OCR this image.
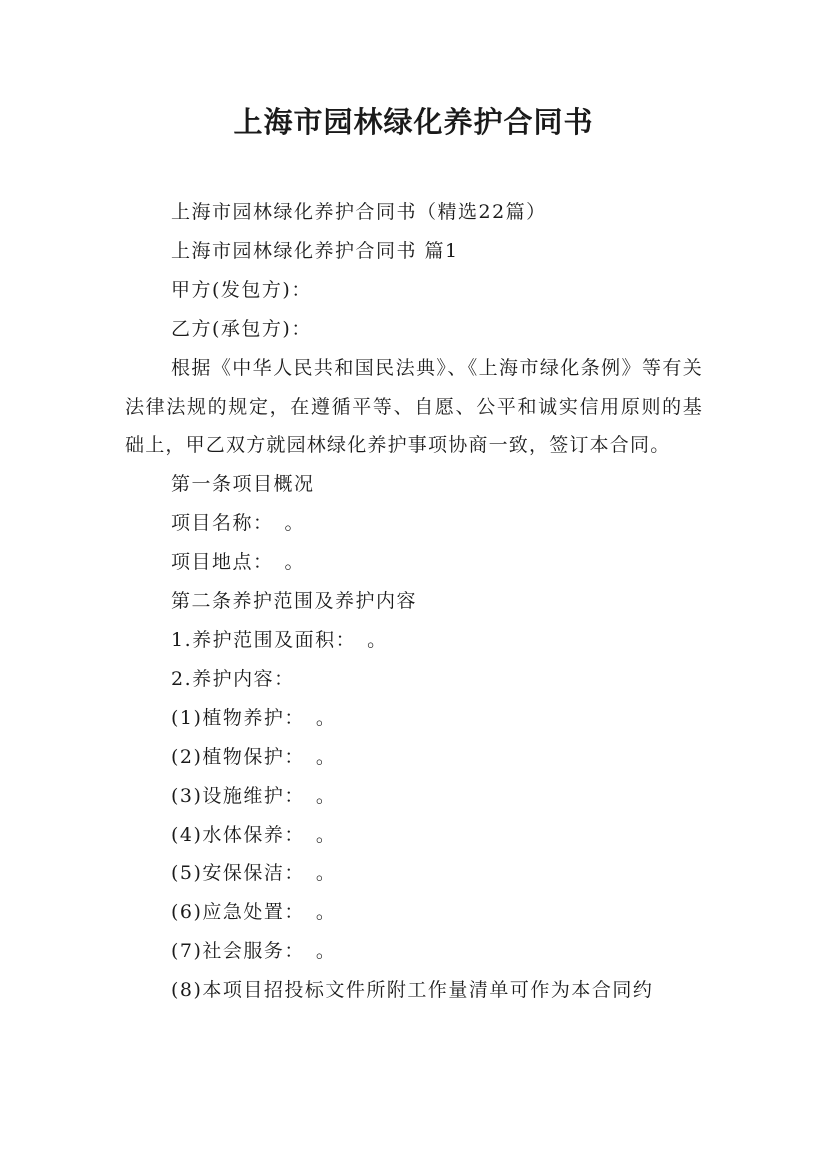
上海市园林绿化养护合同书

上海市园林绿化养护合同书（精选22篇）

上海市园林绿化养护合同书 篇1

甲方(发包方)：

乙方(承包方)：

根据《中华人民共和国民法典》、《上海市绿化条例》等有关法律法规的规定，在遵循平等、自愿、公平和诚实信用原则的基础上，甲乙双方就园林绿化养护事项协商一致，签订本合同。

第一条项目概况

项目名称：　。

项目地点：　。

第二条养护范围及养护内容

1.养护范围及面积：　。

2.养护内容：

(1)植物养护：　。

(2)植物保护：　。

(3)设施维护：　。

(4)水体保养：　。

(5)安保保洁：　。

(6)应急处置：　。

(7)社会服务：　。

(8)本项目招投标文件所附工作量清单可作为本合同约
